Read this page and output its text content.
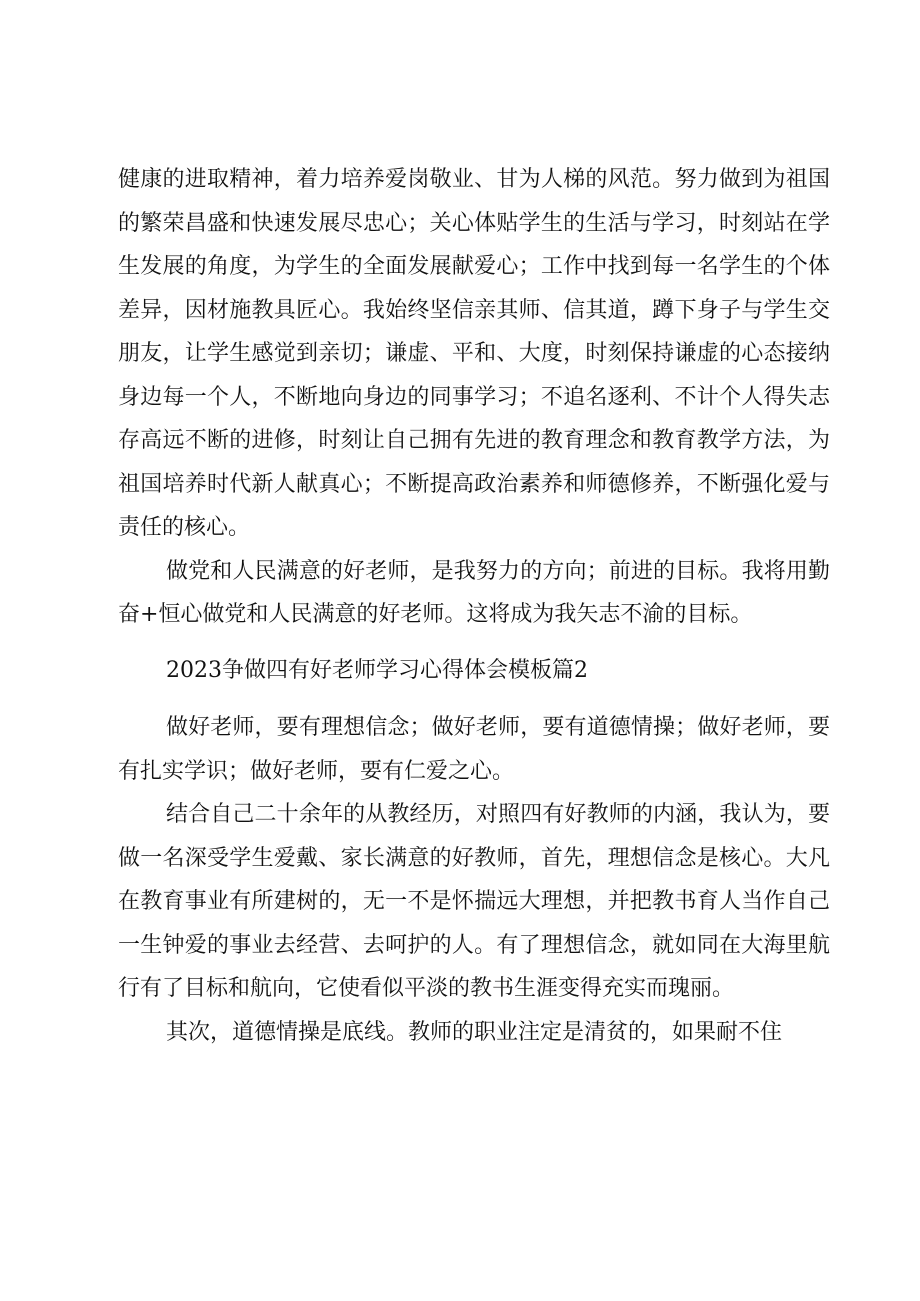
健康的进取精神，着力培养爱岗敬业、甘为人梯的风范。努力做到为祖国的繁荣昌盛和快速发展尽忠心；关心体贴学生的生活与学习，时刻站在学生发展的角度，为学生的全面发展献爱心；工作中找到每一名学生的个体差异，因材施教具匠心。我始终坚信亲其师、信其道，蹲下身子与学生交朋友，让学生感觉到亲切；谦虚、平和、大度，时刻保持谦虚的心态接纳身边每一个人，不断地向身边的同事学习；不追名逐利、不计个人得失志存高远不断的进修，时刻让自己拥有先进的教育理念和教育教学方法，为祖国培养时代新人献真心；不断提高政治素养和师德修养，不断强化爱与责任的核心。

做党和人民满意的好老师，是我努力的方向；前进的目标。我将用勤奋+恒心做党和人民满意的好老师。这将成为我矢志不渝的目标。

2023争做四有好老师学习心得体会模板篇2

做好老师，要有理想信念；做好老师，要有道德情操；做好老师，要有扎实学识；做好老师，要有仁爱之心。

结合自己二十余年的从教经历，对照四有好教师的内涵，我认为，要做一名深受学生爱戴、家长满意的好教师，首先，理想信念是核心。大凡在教育事业有所建树的，无一不是怀揣远大理想，并把教书育人当作自己一生钟爱的事业去经营、去呵护的人。有了理想信念，就如同在大海里航行有了目标和航向，它使看似平淡的教书生涯变得充实而瑰丽。

其次，道德情操是底线。教师的职业注定是清贫的，如果耐不住
